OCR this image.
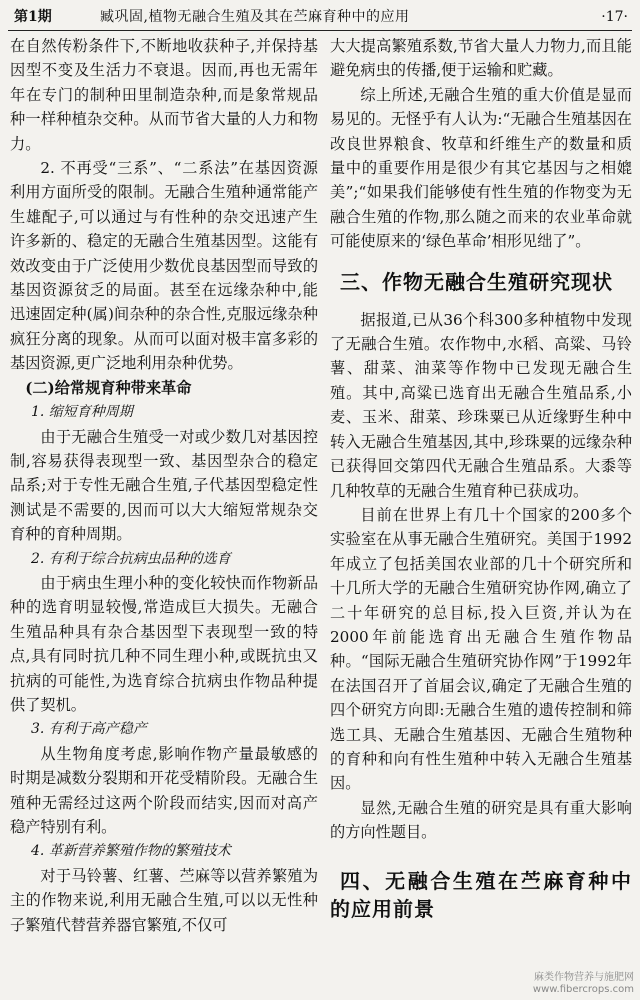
第1期	臧巩固,植物无融合生殖及其在苎麻育种中的应用	·17·

在自然传粉条件下,不断地收获种子,并保持基因型不变及生活力不衰退。因而,再也无需年年在专门的制种田里制造杂种,而是象常规品种一样种植杂交种。从而节省大量的人力和物力。

2. 不再受“三系”、“二系法”在基因资源利用方面所受的限制。无融合生殖种通常能产生雄配子,可以通过与有性种的杂交迅速产生许多新的、稳定的无融合生殖基因型。这能有效改变由于广泛使用少数优良基因型而导致的基因资源贫乏的局面。甚至在远缘杂种中,能迅速固定种(属)间杂种的杂合性,克服远缘杂种疯狂分离的现象。从而可以面对极丰富多彩的基因资源,更广泛地利用杂种优势。

(二)给常规育种带来革命
1. 缩短育种周期

由于无融合生殖受一对或少数几对基因控制,容易获得表现型一致、基因型杂合的稳定品系;对于专性无融合生殖,子代基因型稳定性测试是不需要的,因而可以大大缩短常规杂交育种的育种周期。

2. 有利于综合抗病虫品种的选育

由于病虫生理小种的变化较快而作物新品种的选育明显较慢,常造成巨大损失。无融合生殖品种具有杂合基因型下表现型一致的特点,具有同时抗几种不同生理小种,或既抗虫又抗病的可能性,为选育综合抗病虫作物品种提供了契机。

3. 有利于高产稳产

从生物角度考虑,影响作物产量最敏感的时期是减数分裂期和开花受精阶段。无融合生殖种无需经过这两个阶段而结实,因而对高产稳产特别有利。

4. 革新营养繁殖作物的繁殖技术

对于马铃薯、红薯、苎麻等以营养繁殖为主的作物来说,利用无融合生殖,可以以无性种子繁殖代替营养器官繁殖,不仅可

大大提高繁殖系数,节省大量人力物力,而且能避免病虫的传播,便于运输和贮藏。

综上所述,无融合生殖的重大价值是显而易见的。无怪乎有人认为:“无融合生殖基因在改良世界粮食、牧草和纤维生产的数量和质量中的重要作用是很少有其它基因与之相媲美”;“如果我们能够使有性生殖的作物变为无融合生殖的作物,那么随之而来的农业革命就可能使原来的‘绿色革命’相形见绌了”。

三、作物无融合生殖研究现状

据报道,已从36个科300多种植物中发现了无融合生殖。农作物中,水稻、高粱、马铃薯、甜菜、油菜等作物中已发现无融合生殖。其中,高粱已选育出无融合生殖品系,小麦、玉米、甜菜、珍珠粟已从近缘野生种中转入无融合生殖基因,其中,珍珠粟的远缘杂种已获得回交第四代无融合生殖品系。大黍等几种牧草的无融合生殖育种已获成功。

目前在世界上有几十个国家的200多个实验室在从事无融合生殖研究。美国于1992年成立了包括美国农业部的几十个研究所和十几所大学的无融合生殖研究协作网,确立了二十年研究的总目标,投入巨资,并认为在2000年前能选育出无融合生殖作物品种。“国际无融合生殖研究协作网”于1992年在法国召开了首届会议,确定了无融合生殖的四个研究方向即:无融合生殖的遗传控制和筛选工具、无融合生殖基因、无融合生殖物种的育种和向有性生殖种中转入无融合生殖基因。

显然,无融合生殖的研究是具有重大影响的方向性题目。

四、无融合生殖在苎麻育种中的应用前景
麻类作物营养与施肥网
www.fibercrops.com
